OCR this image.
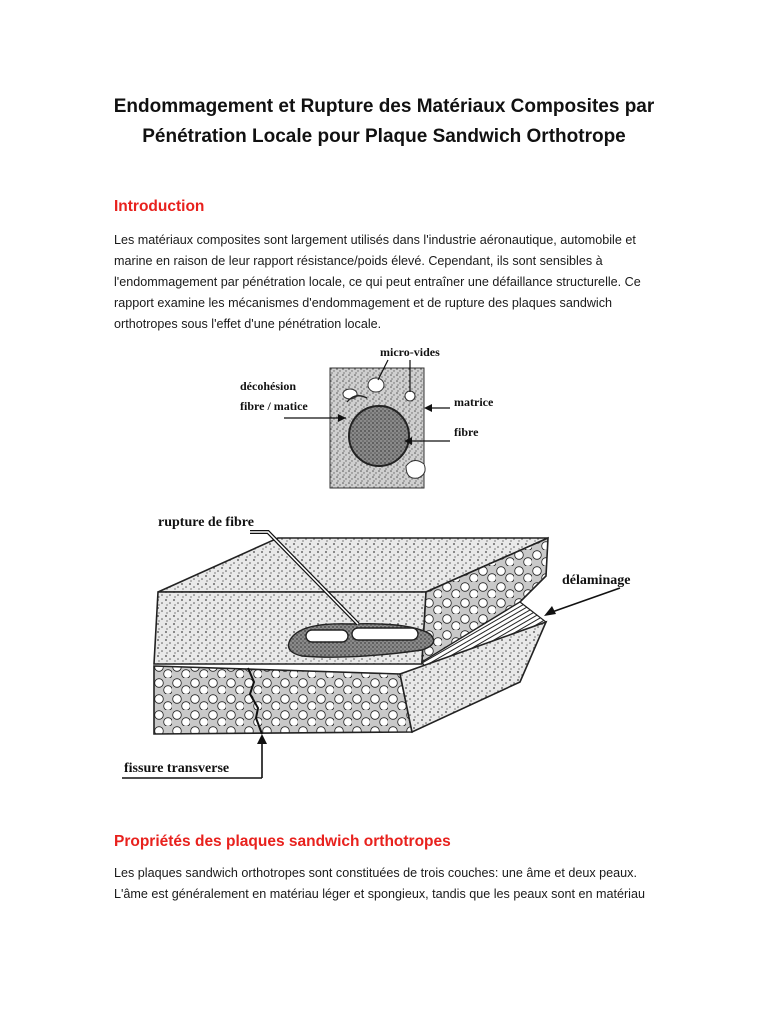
Endommagement et Rupture des Matériaux Composites par
Pénétration Locale pour Plaque Sandwich Orthotrope
Introduction
Les matériaux composites sont largement utilisés dans l'industrie aéronautique, automobile et
marine en raison de leur rapport résistance/poids élevé. Cependant, ils sont sensibles à
l'endommagement par pénétration locale, ce qui peut entraîner une défaillance structurelle. Ce
rapport examine les mécanismes d'endommagement et de rupture des plaques sandwich
orthotropes sous l'effet d'une pénétration locale.
micro-vides
décohésion
fibre / matice	matrice
fibre
rupture de fibre
délaminage
fissure transverse
Propriétés des plaques sandwich orthotropes
Les plaques sandwich orthotropes sont constituées de trois couches: une âme et deux peaux.
L'âme est généralement en matériau léger et spongieux, tandis que les peaux sont en matériau
